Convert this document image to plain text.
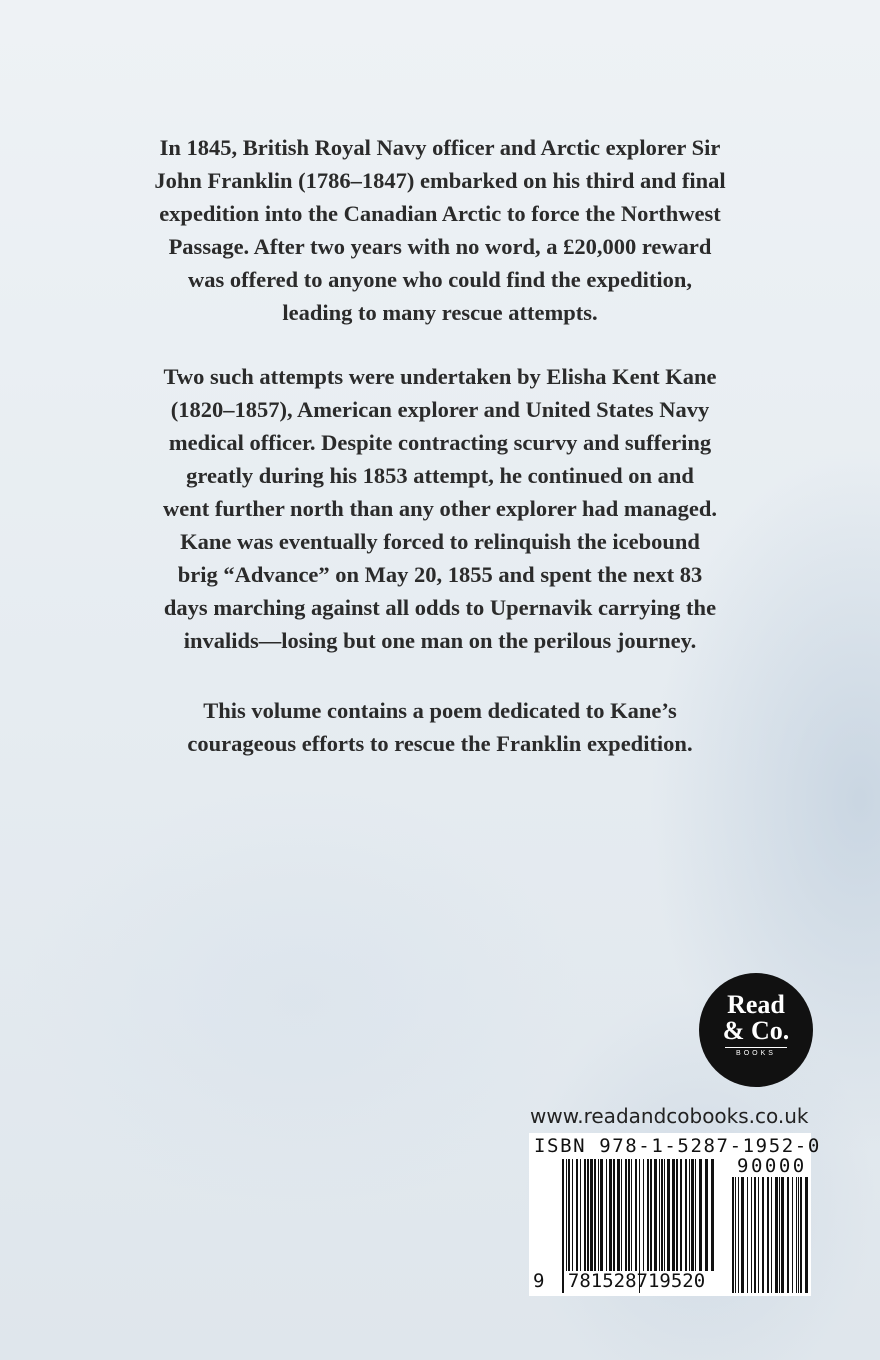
In 1845, British Royal Navy officer and Arctic explorer Sir
John Franklin (1786–1847) embarked on his third and final
expedition into the Canadian Arctic to force the Northwest
Passage. After two years with no word, a £20,000 reward
was offered to anyone who could find the expedition,
leading to many rescue attempts.
Two such attempts were undertaken by Elisha Kent Kane
(1820–1857), American explorer and United States Navy
medical officer. Despite contracting scurvy and suffering
greatly during his 1853 attempt, he continued on and
went further north than any other explorer had managed.
Kane was eventually forced to relinquish the icebound
brig “Advance” on May 20, 1855 and spent the next 83
days marching against all odds to Upernavik carrying the
invalids—losing but one man on the perilous journey.
This volume contains a poem dedicated to Kane’s
courageous efforts to rescue the Franklin expedition.
Read
& Co.
BOOKS
www.readandcobooks.co.uk
ISBN 978-1-5287-1952-0
90000
9 781528719520
